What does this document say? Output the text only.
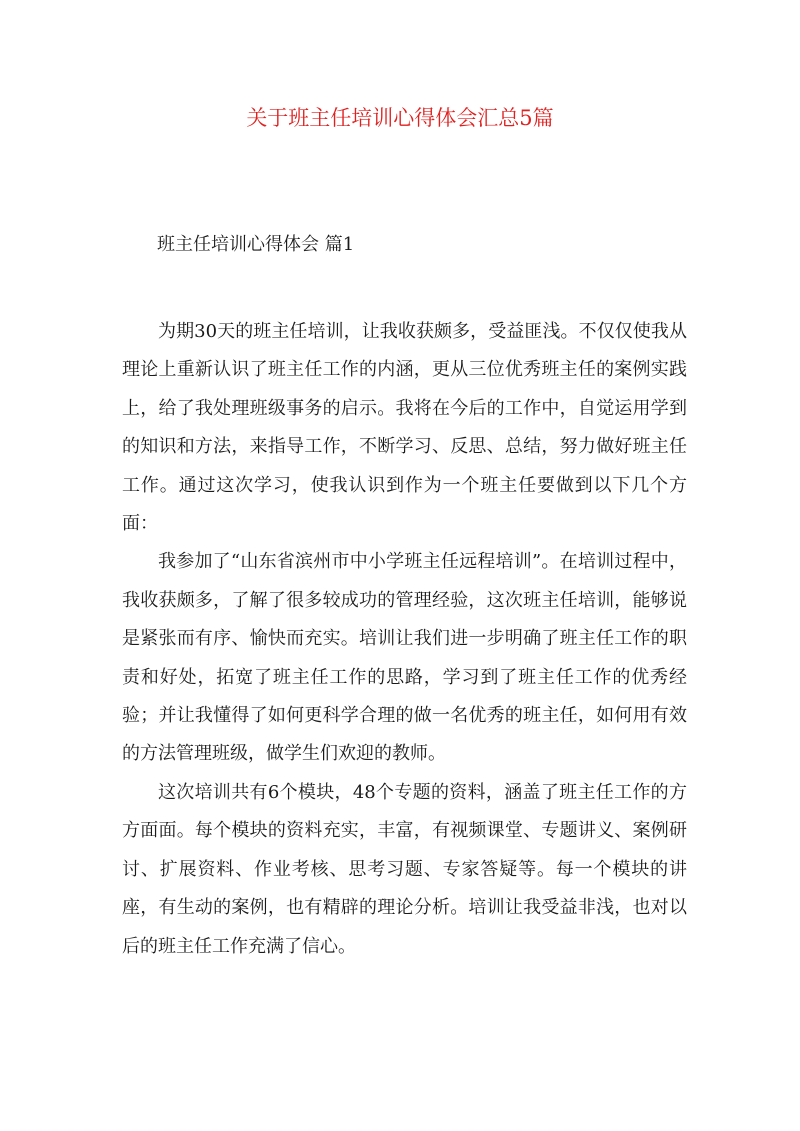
关于班主任培训心得体会汇总5篇
班主任培训心得体会 篇1

为期30天的班主任培训，让我收获颇多，受益匪浅。不仅仅使我从理论上重新认识了班主任工作的内涵，更从三位优秀班主任的案例实践上，给了我处理班级事务的启示。我将在今后的工作中，自觉运用学到的知识和方法，来指导工作，不断学习、反思、总结，努力做好班主任工作。通过这次学习，使我认识到作为一个班主任要做到以下几个方面：

我参加了“山东省滨州市中小学班主任远程培训”。在培训过程中，我收获颇多，了解了很多较成功的管理经验，这次班主任培训，能够说是紧张而有序、愉快而充实。培训让我们进一步明确了班主任工作的职责和好处，拓宽了班主任工作的思路，学习到了班主任工作的优秀经验；并让我懂得了如何更科学合理的做一名优秀的班主任，如何用有效的方法管理班级，做学生们欢迎的教师。

这次培训共有6个模块，48个专题的资料，涵盖了班主任工作的方方面面。每个模块的资料充实，丰富，有视频课堂、专题讲义、案例研讨、扩展资料、作业考核、思考习题、专家答疑等。每一个模块的讲座，有生动的案例，也有精辟的理论分析。培训让我受益非浅，也对以后的班主任工作充满了信心。
